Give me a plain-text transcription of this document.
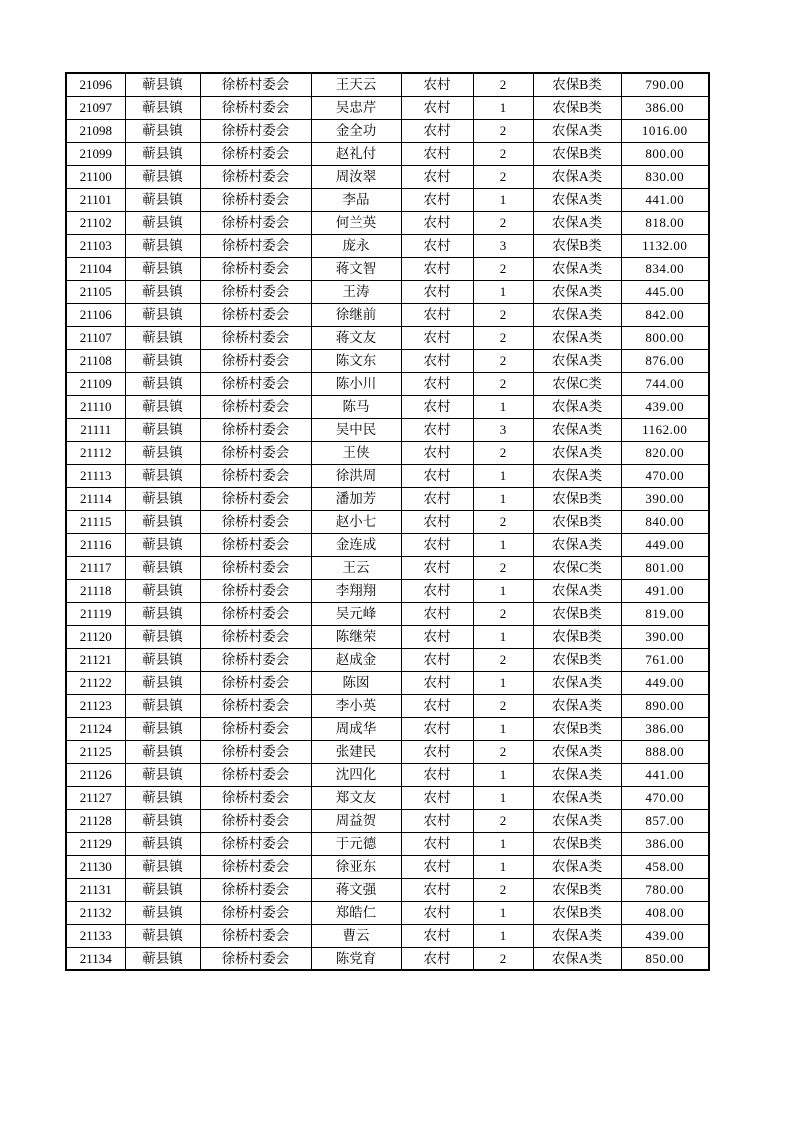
21096	蕲县镇	徐桥村委会	王天云	农村	2	农保B类	790.00
21097	蕲县镇	徐桥村委会	吴忠芹	农村	1	农保B类	386.00
21098	蕲县镇	徐桥村委会	金全功	农村	2	农保A类	1016.00
21099	蕲县镇	徐桥村委会	赵礼付	农村	2	农保B类	800.00
21100	蕲县镇	徐桥村委会	周汝翠	农村	2	农保A类	830.00
21101	蕲县镇	徐桥村委会	李品	农村	1	农保A类	441.00
21102	蕲县镇	徐桥村委会	何兰英	农村	2	农保A类	818.00
21103	蕲县镇	徐桥村委会	庞永	农村	3	农保B类	1132.00
21104	蕲县镇	徐桥村委会	蒋文智	农村	2	农保A类	834.00
21105	蕲县镇	徐桥村委会	王涛	农村	1	农保A类	445.00
21106	蕲县镇	徐桥村委会	徐继前	农村	2	农保A类	842.00
21107	蕲县镇	徐桥村委会	蒋文友	农村	2	农保A类	800.00
21108	蕲县镇	徐桥村委会	陈文东	农村	2	农保A类	876.00
21109	蕲县镇	徐桥村委会	陈小川	农村	2	农保C类	744.00
21110	蕲县镇	徐桥村委会	陈马	农村	1	农保A类	439.00
21111	蕲县镇	徐桥村委会	吴中民	农村	3	农保A类	1162.00
21112	蕲县镇	徐桥村委会	王侠	农村	2	农保A类	820.00
21113	蕲县镇	徐桥村委会	徐洪周	农村	1	农保A类	470.00
21114	蕲县镇	徐桥村委会	潘加芳	农村	1	农保B类	390.00
21115	蕲县镇	徐桥村委会	赵小七	农村	2	农保B类	840.00
21116	蕲县镇	徐桥村委会	金连成	农村	1	农保A类	449.00
21117	蕲县镇	徐桥村委会	王云	农村	2	农保C类	801.00
21118	蕲县镇	徐桥村委会	李翔翔	农村	1	农保A类	491.00
21119	蕲县镇	徐桥村委会	吴元峰	农村	2	农保B类	819.00
21120	蕲县镇	徐桥村委会	陈继荣	农村	1	农保B类	390.00
21121	蕲县镇	徐桥村委会	赵成金	农村	2	农保B类	761.00
21122	蕲县镇	徐桥村委会	陈囡	农村	1	农保A类	449.00
21123	蕲县镇	徐桥村委会	李小英	农村	2	农保A类	890.00
21124	蕲县镇	徐桥村委会	周成华	农村	1	农保B类	386.00
21125	蕲县镇	徐桥村委会	张建民	农村	2	农保A类	888.00
21126	蕲县镇	徐桥村委会	沈四化	农村	1	农保A类	441.00
21127	蕲县镇	徐桥村委会	郑文友	农村	1	农保A类	470.00
21128	蕲县镇	徐桥村委会	周益贺	农村	2	农保A类	857.00
21129	蕲县镇	徐桥村委会	于元德	农村	1	农保B类	386.00
21130	蕲县镇	徐桥村委会	徐亚东	农村	1	农保A类	458.00
21131	蕲县镇	徐桥村委会	蒋文强	农村	2	农保B类	780.00
21132	蕲县镇	徐桥村委会	郑皓仁	农村	1	农保B类	408.00
21133	蕲县镇	徐桥村委会	曹云	农村	1	农保A类	439.00
21134	蕲县镇	徐桥村委会	陈党育	农村	2	农保A类	850.00
